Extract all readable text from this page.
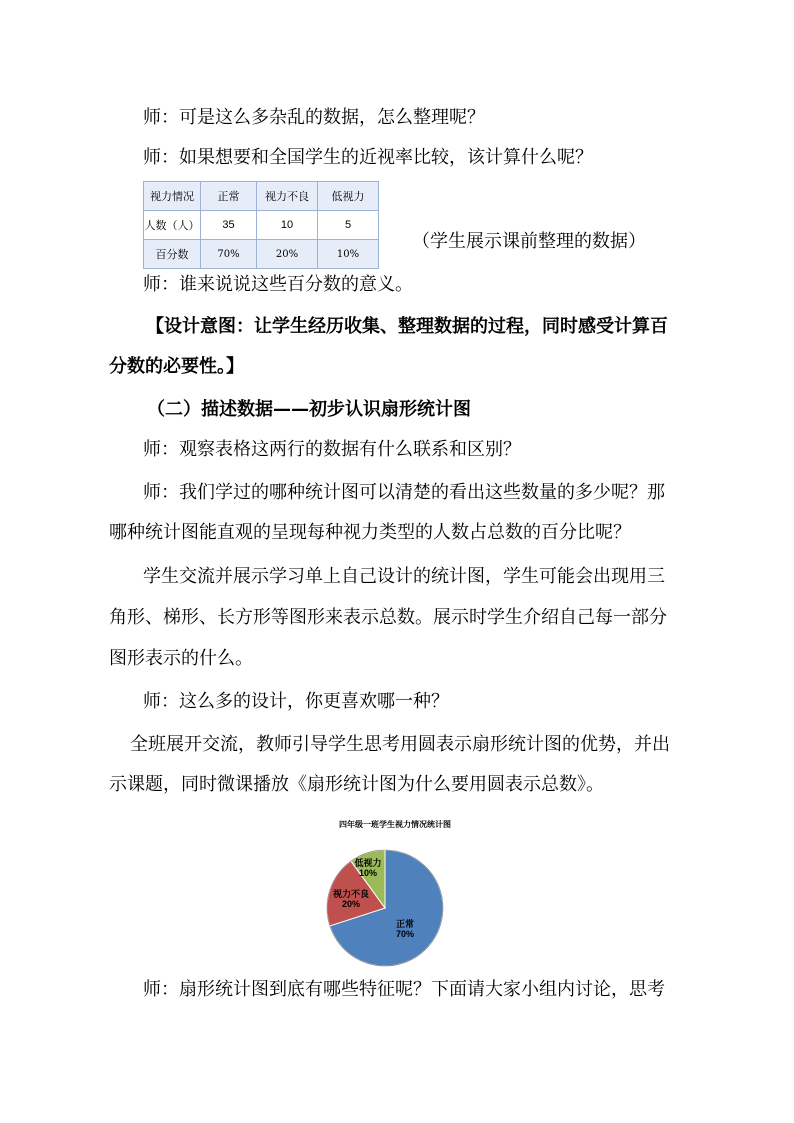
师：可是这么多杂乱的数据，怎么整理呢？
师：如果想要和全国学生的近视率比较，该计算什么呢？
视力情况	正常	视力不良	低视力
人数（人）	35	10	5
百分数	70%	20%	10%
（学生展示课前整理的数据）
师：谁来说说这些百分数的意义。
【设计意图：让学生经历收集、整理数据的过程，同时感受计算百
分数的必要性。】
（二）描述数据——初步认识扇形统计图
师：观察表格这两行的数据有什么联系和区别？
师：我们学过的哪种统计图可以清楚的看出这些数量的多少呢？那
哪种统计图能直观的呈现每种视力类型的人数占总数的百分比呢？
学生交流并展示学习单上自己设计的统计图，学生可能会出现用三
角形、梯形、长方形等图形来表示总数。展示时学生介绍自己每一部分
图形表示的什么。
师：这么多的设计，你更喜欢哪一种？
全班展开交流，教师引导学生思考用圆表示扇形统计图的优势，并出
示课题，同时微课播放《扇形统计图为什么要用圆表示总数》。
四年级一班学生视力情况统计图
正常
70%
视力不良
20%
低视力
10%
师：扇形统计图到底有哪些特征呢？下面请大家小组内讨论，思考
